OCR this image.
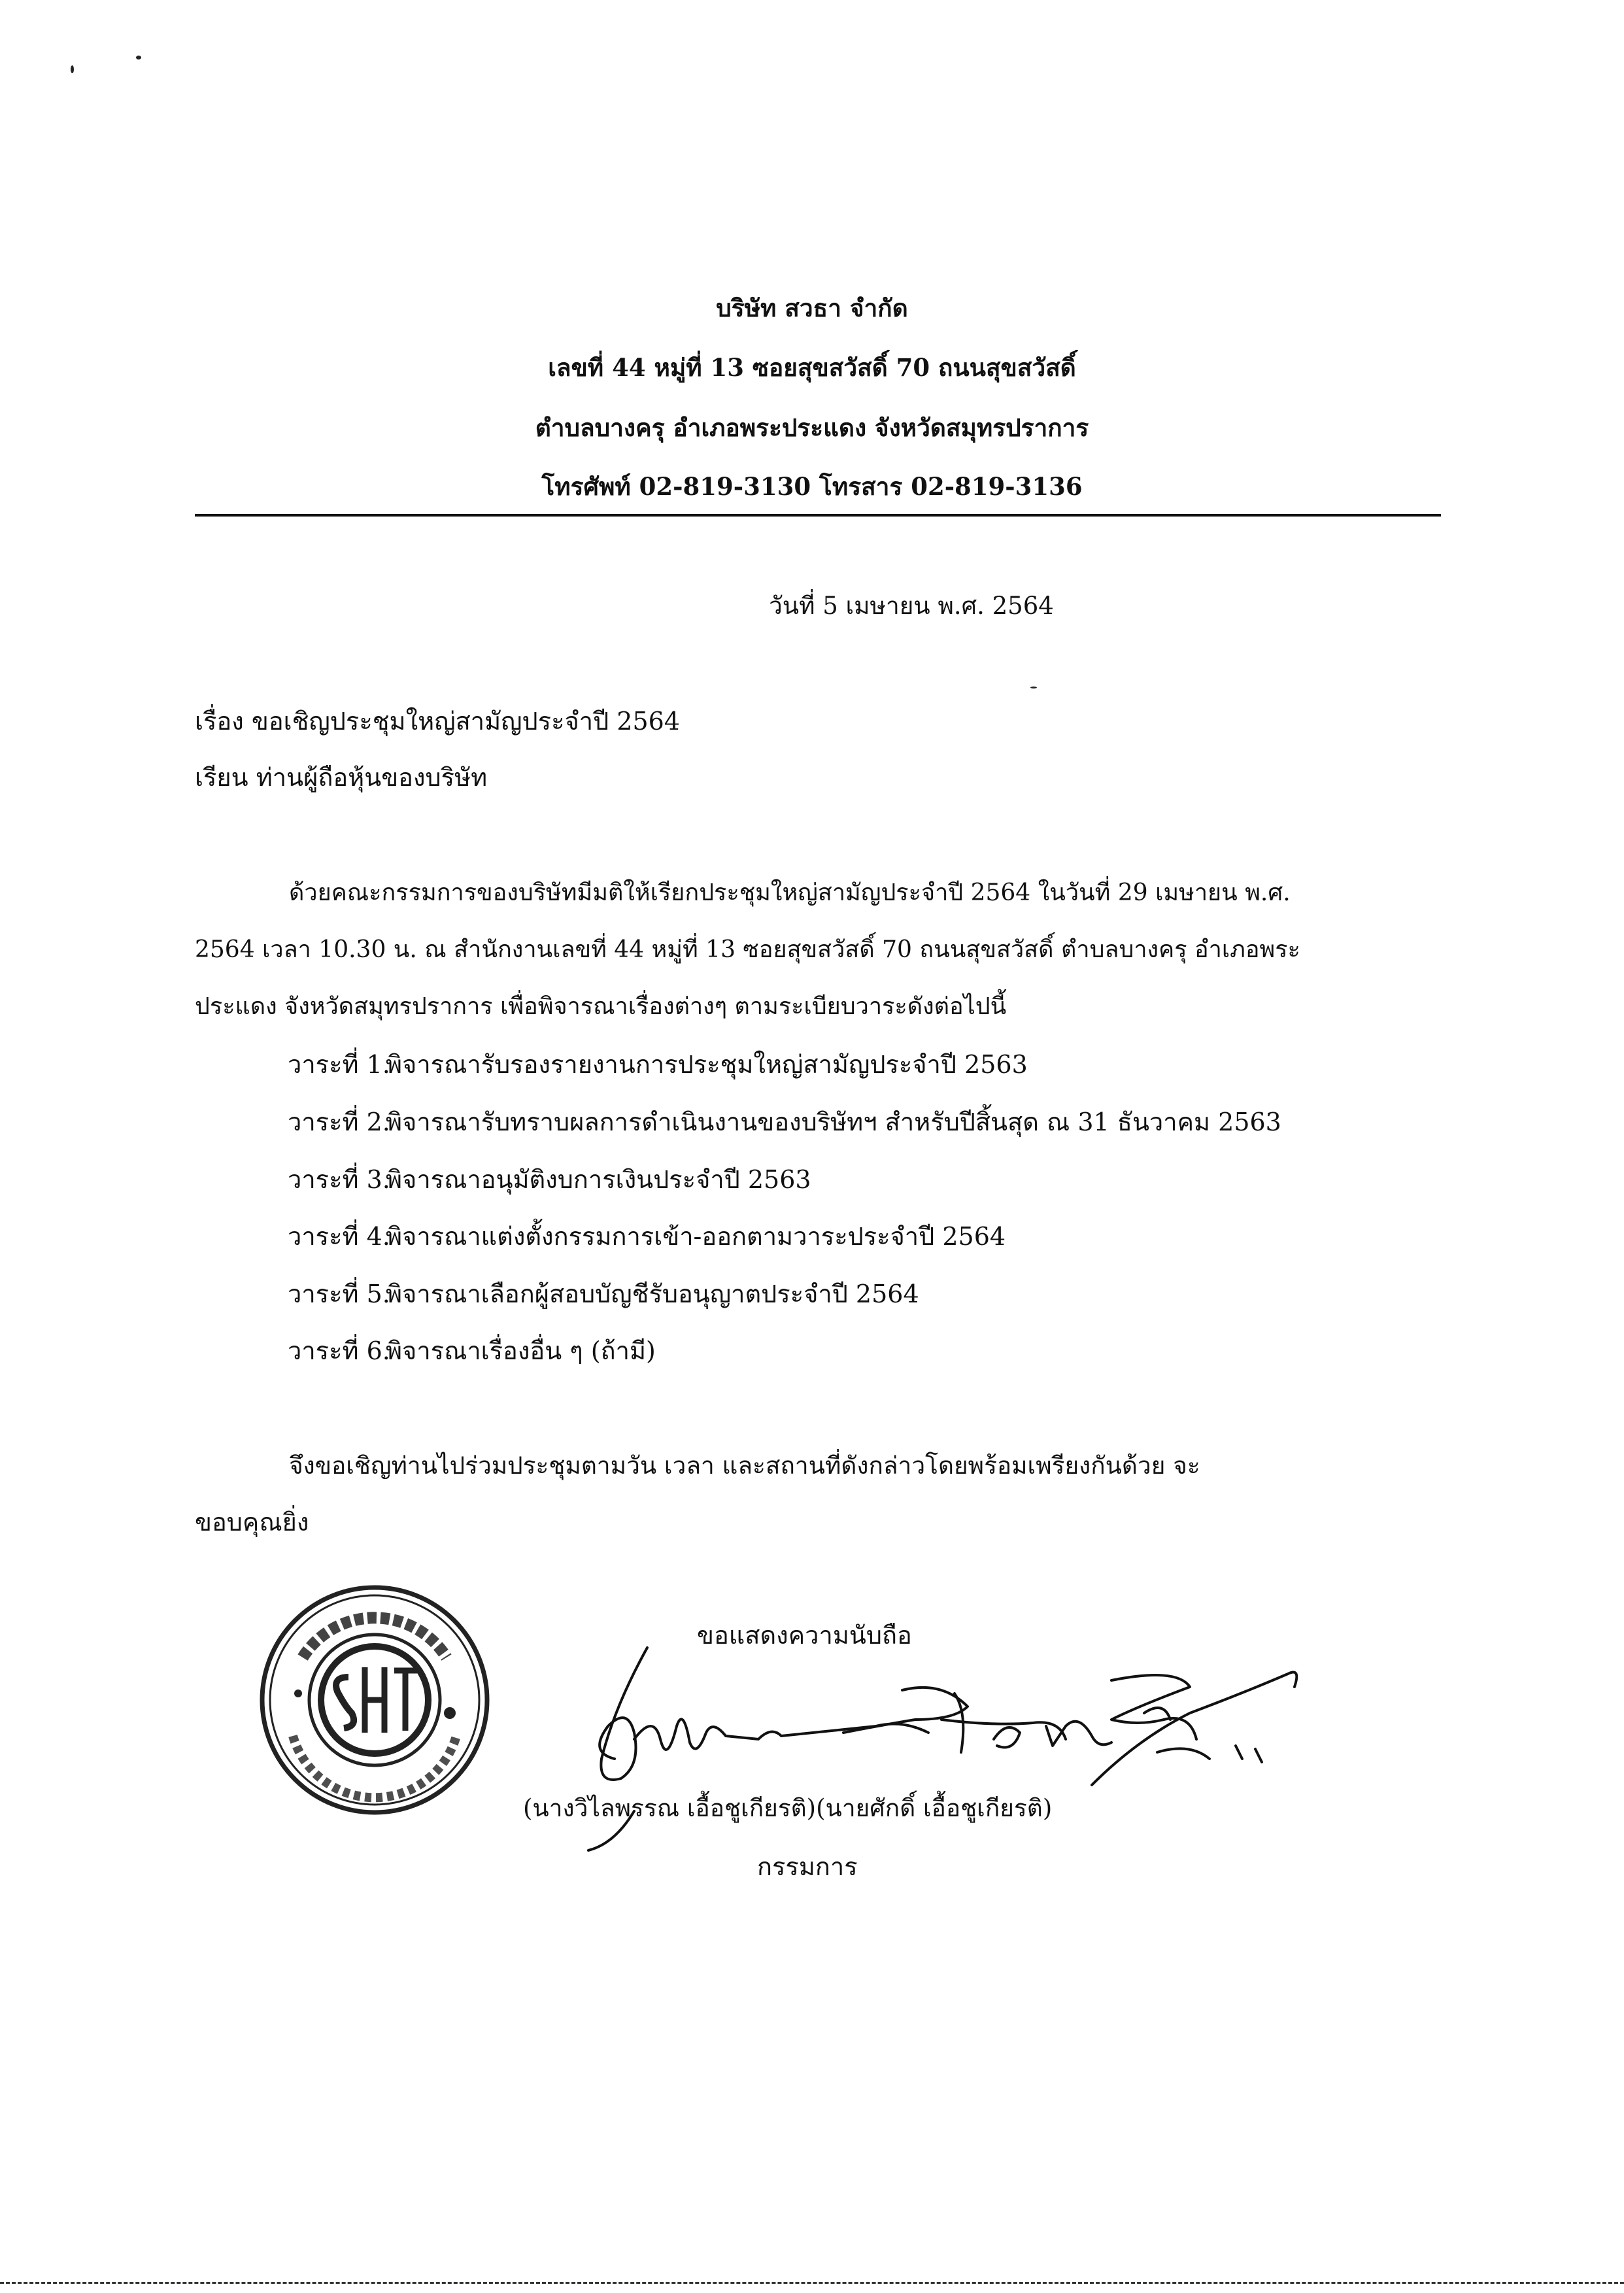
บริษัท สวธา จำกัด

เลขที่ 44 หมู่ที่ 13 ซอยสุขสวัสดิ์ 70 ถนนสุขสวัสดิ์

ตำบลบางครุ อำเภอพระประแดง จังหวัดสมุทรปราการ

โทรศัพท์ 02-819-3130 โทรสาร 02-819-3136

วันที่ 5 เมษายน พ.ศ. 2564

เรื่อง ขอเชิญประชุมใหญ่สามัญประจำปี 2564

เรียน ท่านผู้ถือหุ้นของบริษัท

ด้วยคณะกรรมการของบริษัทมีมติให้เรียกประชุมใหญ่สามัญประจำปี 2564 ในวันที่ 29 เมษายน พ.ศ.

2564 เวลา 10.30 น. ณ สำนักงานเลขที่ 44 หมู่ที่ 13 ซอยสุขสวัสดิ์ 70 ถนนสุขสวัสดิ์ ตำบลบางครุ อำเภอพระ

ประแดง จังหวัดสมุทรปราการ เพื่อพิจารณาเรื่องต่างๆ ตามระเบียบวาระดังต่อไปนี้

วาระที่ 1.พิจารณารับรองรายงานการประชุมใหญ่สามัญประจำปี 2563

วาระที่ 2.พิจารณารับทราบผลการดำเนินงานของบริษัทฯ สำหรับปีสิ้นสุด ณ 31 ธันวาคม 2563

วาระที่ 3.พิจารณาอนุมัติงบการเงินประจำปี 2563

วาระที่ 4.พิจารณาแต่งตั้งกรรมการเข้า-ออกตามวาระประจำปี 2564

วาระที่ 5.พิจารณาเลือกผู้สอบบัญชีรับอนุญาตประจำปี 2564

วาระที่ 6.พิจารณาเรื่องอื่น ๆ (ถ้ามี)

จึงขอเชิญท่านไปร่วมประชุมตามวัน เวลา และสถานที่ดังกล่าวโดยพร้อมเพรียงกันด้วย จะ

ขอบคุณยิ่ง

ขอแสดงความนับถือ

(นางวิไลพรรณ เอื้อชูเกียรติ)(นายศักดิ์ เอื้อชูเกียรติ)

กรรมการ
